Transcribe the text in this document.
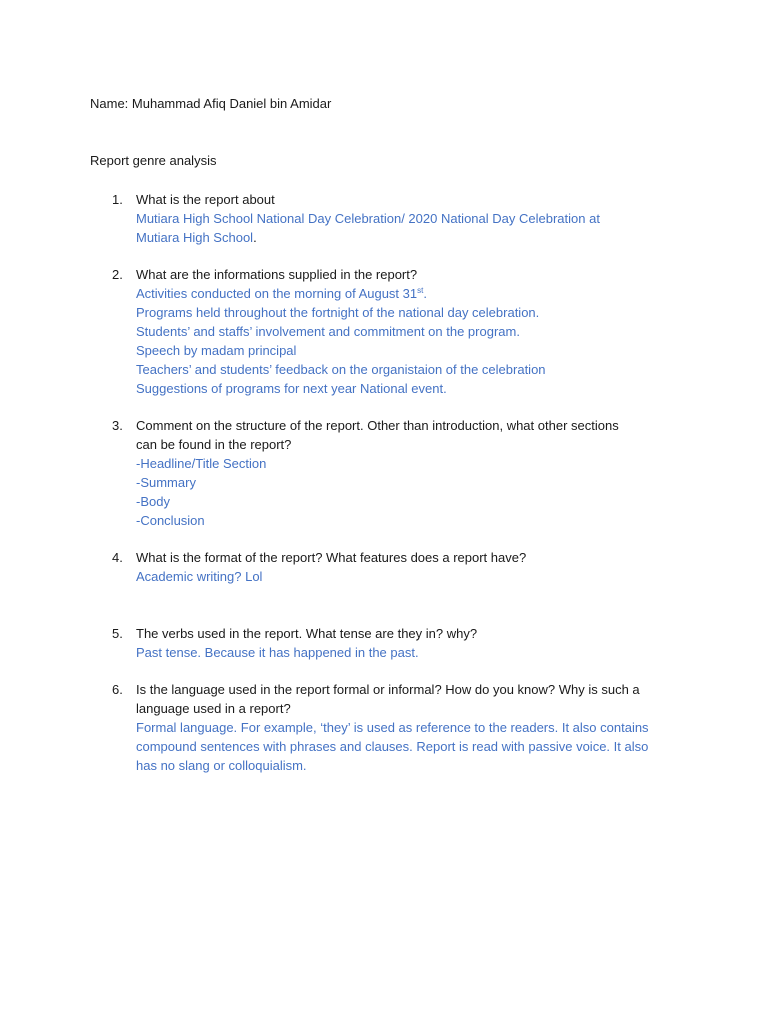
Name: Muhammad Afiq Daniel bin Amidar
Report genre analysis
1. What is the report about
Mutiara High School National Day Celebration/ 2020 National Day Celebration at
Mutiara High School.
2. What are the informations supplied in the report?
Activities conducted on the morning of August 31st.
Programs held throughout the fortnight of the national day celebration.
Students’ and staffs’ involvement and commitment on the program.
Speech by madam principal
Teachers’ and students’ feedback on the organistaion of the celebration
Suggestions of programs for next year National event.
3. Comment on the structure of the report. Other than introduction, what other sections
can be found in the report?
-Headline/Title Section
-Summary
-Body
-Conclusion
4. What is the format of the report? What features does a report have?
Academic writing? Lol
5. The verbs used in the report. What tense are they in? why?
Past tense. Because it has happened in the past.
6. Is the language used in the report formal or informal? How do you know? Why is such a
language used in a report?
Formal language. For example, ‘they’ is used as reference to the readers. It also contains
compound sentences with phrases and clauses. Report is read with passive voice. It also
has no slang or colloquialism.
